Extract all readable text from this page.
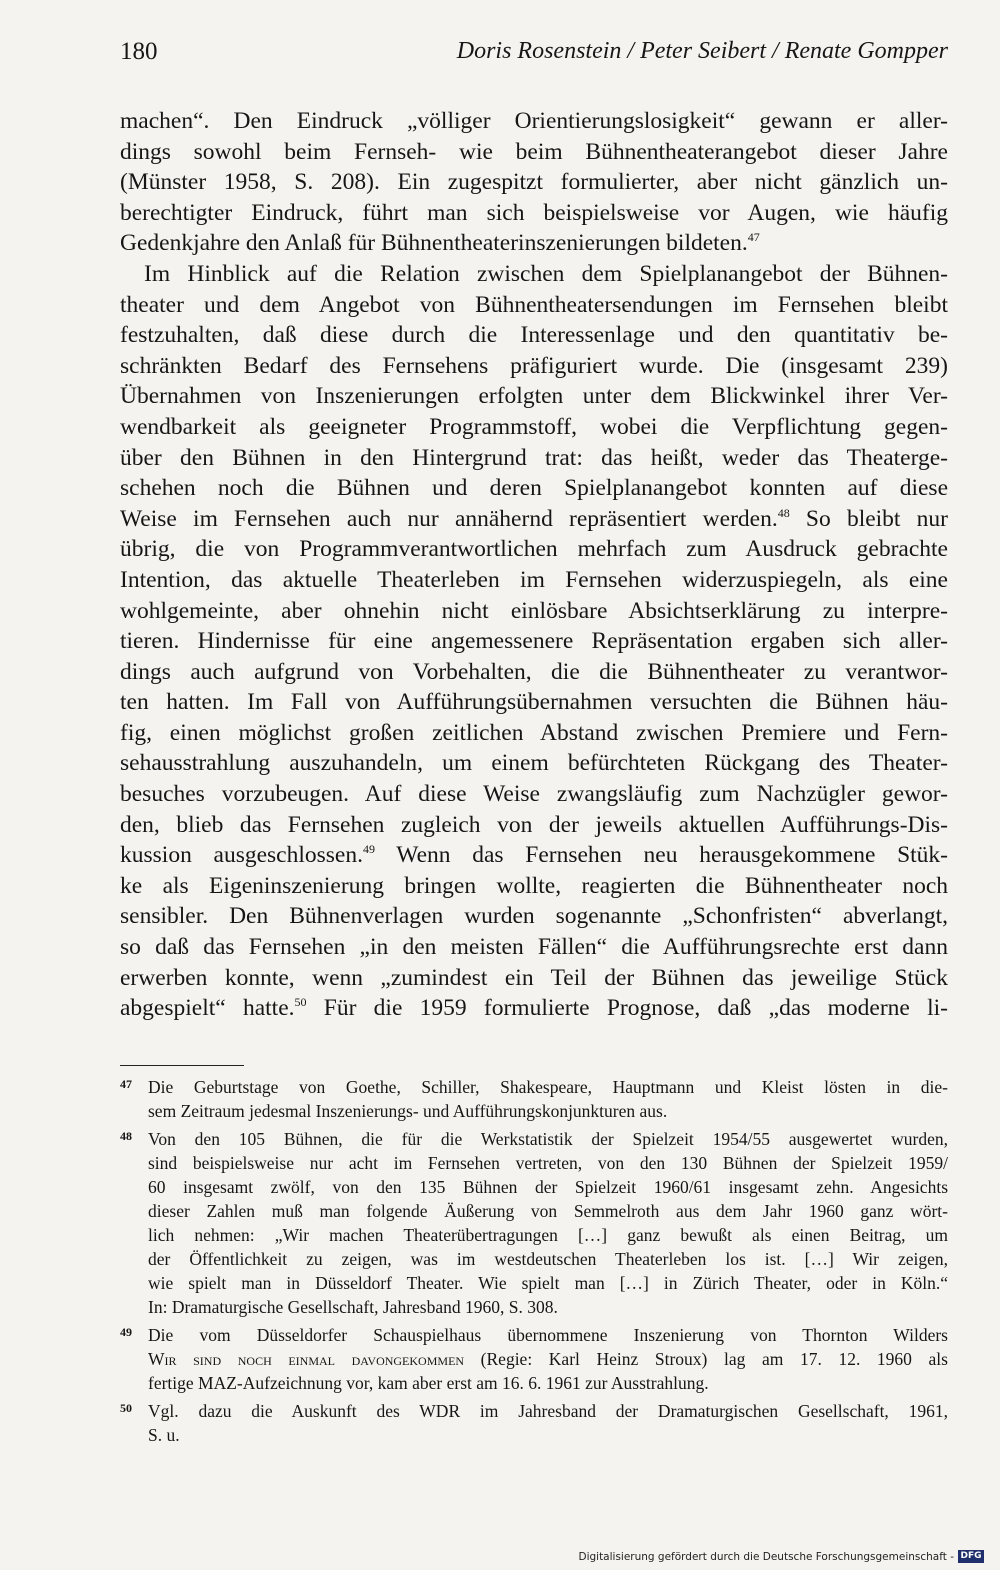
180	Doris Rosenstein / Peter Seibert / Renate Gompper
machen“. Den Eindruck „völliger Orientierungslosigkeit“ gewann er aller-
dings sowohl beim Fernseh- wie beim Bühnentheaterangebot dieser Jahre
(Münster 1958, S. 208). Ein zugespitzt formulierter, aber nicht gänzlich un-
berechtigter Eindruck, führt man sich beispielsweise vor Augen, wie häufig
Gedenkjahre den Anlaß für Bühnentheaterinszenierungen bildeten.$^{47}$
Im Hinblick auf die Relation zwischen dem Spielplanangebot der Bühnen-
theater und dem Angebot von Bühnentheatersendungen im Fernsehen bleibt
festzuhalten, daß diese durch die Interessenlage und den quantitativ be-
schränkten Bedarf des Fernsehens präfiguriert wurde. Die (insgesamt 239)
Übernahmen von Inszenierungen erfolgten unter dem Blickwinkel ihrer Ver-
wendbarkeit als geeigneter Programmstoff, wobei die Verpflichtung gegen-
über den Bühnen in den Hintergrund trat: das heißt, weder das Theaterge-
schehen noch die Bühnen und deren Spielplanangebot konnten auf diese
Weise im Fernsehen auch nur annähernd repräsentiert werden.$^{48}$ So bleibt nur
übrig, die von Programmverantwortlichen mehrfach zum Ausdruck gebrachte
Intention, das aktuelle Theaterleben im Fernsehen widerzuspiegeln, als eine
wohlgemeinte, aber ohnehin nicht einlösbare Absichtserklärung zu interpre-
tieren. Hindernisse für eine angemessenere Repräsentation ergaben sich aller-
dings auch aufgrund von Vorbehalten, die die Bühnentheater zu verantwor-
ten hatten. Im Fall von Aufführungsübernahmen versuchten die Bühnen häu-
fig, einen möglichst großen zeitlichen Abstand zwischen Premiere und Fern-
sehausstrahlung auszuhandeln, um einem befürchteten Rückgang des Theater-
besuches vorzubeugen. Auf diese Weise zwangsläufig zum Nachzügler gewor-
den, blieb das Fernsehen zugleich von der jeweils aktuellen Aufführungs-Dis-
kussion ausgeschlossen.$^{49}$ Wenn das Fernsehen neu herausgekommene Stük-
ke als Eigeninszenierung bringen wollte, reagierten die Bühnentheater noch
sensibler. Den Bühnenverlagen wurden sogenannte „Schonfristen“ abverlangt,
so daß das Fernsehen „in den meisten Fällen“ die Aufführungsrechte erst dann
erwerben konnte, wenn „zumindest ein Teil der Bühnen das jeweilige Stück
abgespielt“ hatte.$^{50}$ Für die 1959 formulierte Prognose, daß „das moderne li-
47 Die Geburtstage von Goethe, Schiller, Shakespeare, Hauptmann und Kleist lösten in die-
sem Zeitraum jedesmal Inszenierungs- und Aufführungskonjunkturen aus.
48 Von den 105 Bühnen, die für die Werkstatistik der Spielzeit 1954/55 ausgewertet wurden,
sind beispielsweise nur acht im Fernsehen vertreten, von den 130 Bühnen der Spielzeit 1959/
60 insgesamt zwölf, von den 135 Bühnen der Spielzeit 1960/61 insgesamt zehn. Angesichts
dieser Zahlen muß man folgende Äußerung von Semmelroth aus dem Jahr 1960 ganz wört-
lich nehmen: „Wir machen Theaterübertragungen […] ganz bewußt als einen Beitrag, um
der Öffentlichkeit zu zeigen, was im westdeutschen Theaterleben los ist. […] Wir zeigen,
wie spielt man in Düsseldorf Theater. Wie spielt man […] in Zürich Theater, oder in Köln.“
In: Dramaturgische Gesellschaft, Jahresband 1960, S. 308.
49 Die vom Düsseldorfer Schauspielhaus übernommene Inszenierung von Thornton Wilders
Wir sind noch einmal davongekommen (Regie: Karl Heinz Stroux) lag am 17. 12. 1960 als
fertige MAZ-Aufzeichnung vor, kam aber erst am 16. 6. 1961 zur Ausstrahlung.
50 Vgl. dazu die Auskunft des WDR im Jahresband der Dramaturgischen Gesellschaft, 1961,
S. u.
Digitalisierung gefördert durch die Deutsche Forschungsgemeinschaft - DFG
